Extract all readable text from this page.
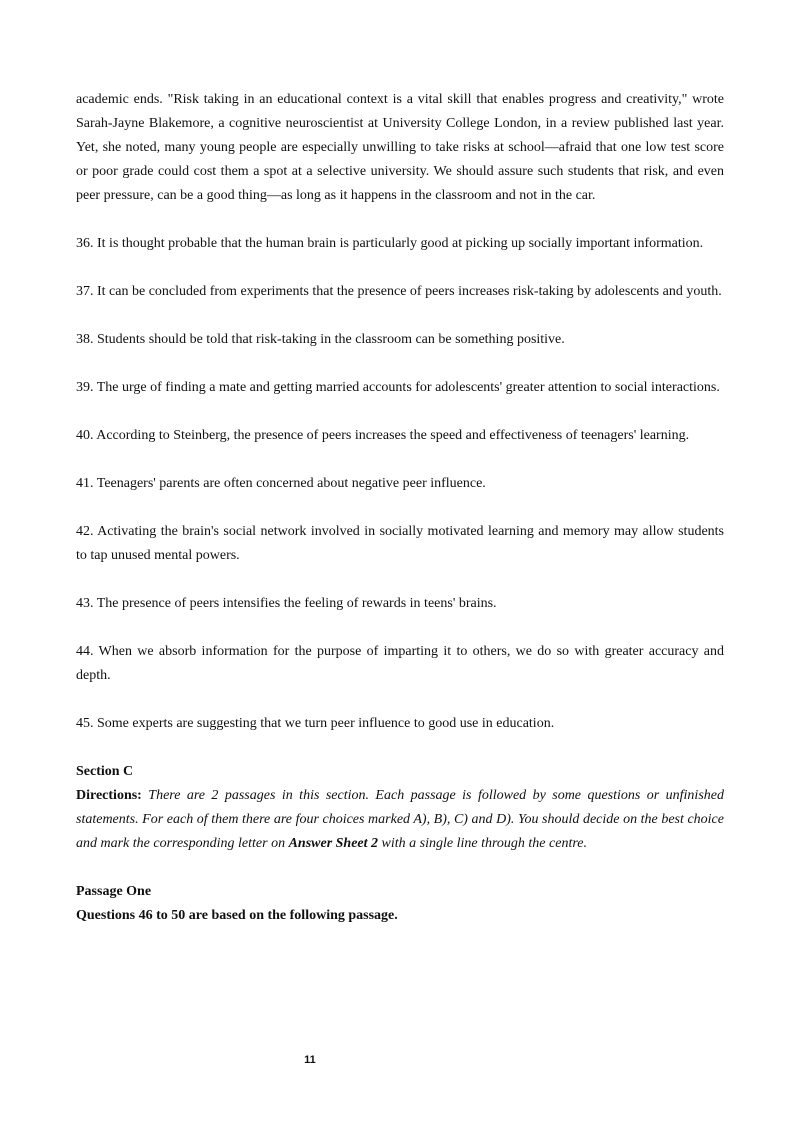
academic ends. "Risk taking in an educational context is a vital skill that enables progress and creativity," wrote Sarah-Jayne Blakemore, a cognitive neuroscientist at University College London, in a review published last year. Yet, she noted, many young people are especially unwilling to take risks at school—afraid that one low test score or poor grade could cost them a spot at a selective university. We should assure such students that risk, and even peer pressure, can be a good thing—as long as it happens in the classroom and not in the car.

36. It is thought probable that the human brain is particularly good at picking up socially important information.

37. It can be concluded from experiments that the presence of peers increases risk-taking by adolescents and youth.

38. Students should be told that risk-taking in the classroom can be something positive.

39. The urge of finding a mate and getting married accounts for adolescents' greater attention to social interactions.

40. According to Steinberg, the presence of peers increases the speed and effectiveness of teenagers' learning.

41. Teenagers' parents are often concerned about negative peer influence.

42. Activating the brain's social network involved in socially motivated learning and memory may allow students to tap unused mental powers.

43. The presence of peers intensifies the feeling of rewards in teens' brains.

44. When we absorb information for the purpose of imparting it to others, we do so with greater accuracy and depth.

45. Some experts are suggesting that we turn peer influence to good use in education.

Section C

Directions: There are 2 passages in this section. Each passage is followed by some questions or unfinished statements. For each of them there are four choices marked A), B), C) and D). You should decide on the best choice and mark the corresponding letter on Answer Sheet 2 with a single line through the centre.

Passage One

Questions 46 to 50 are based on the following passage.

11
